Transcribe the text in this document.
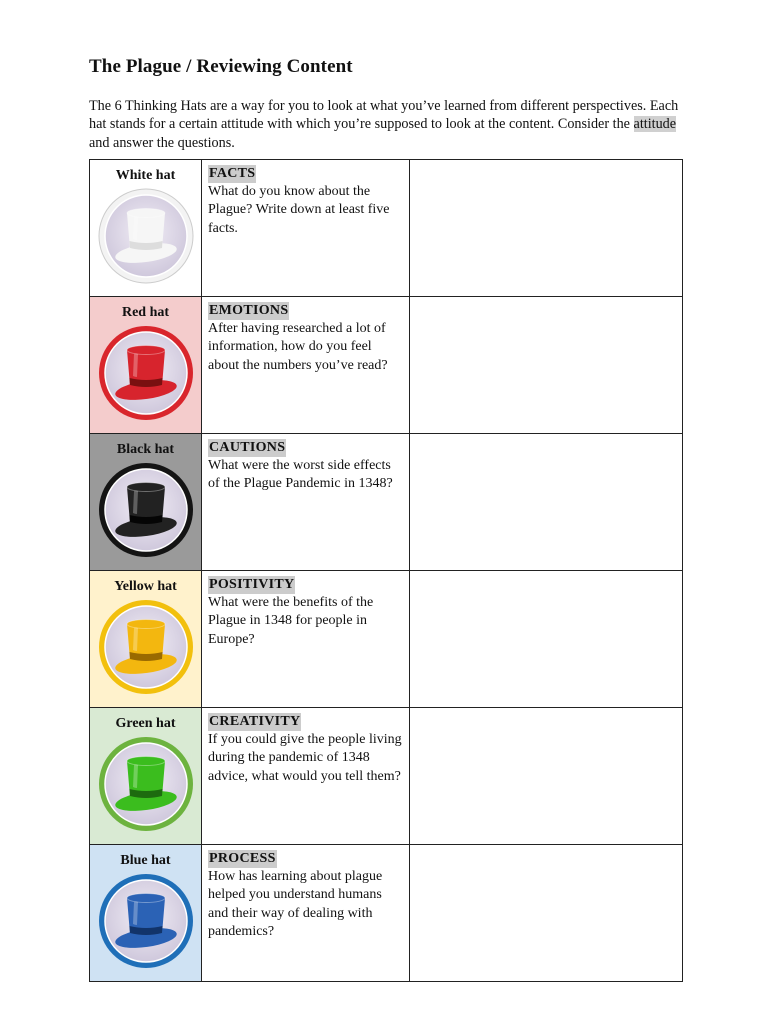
The Plague / Reviewing Content
The 6 Thinking Hats are a way for you to look at what you’ve learned from different perspectives. Each hat stands for a certain attitude with which you’re supposed to look at the content. Consider the attitude and answer the questions.
White hat	FACTS
What do you know about the Plague? Write down at least five facts.	

Red hat	EMOTIONS
After having researched a lot of information, how do you feel about the numbers you’ve read?	

Black hat	CAUTIONS
What were the worst side effects of the Plague Pandemic in 1348?	

Yellow hat	POSITIVITY
What were the benefits of the Plague in 1348 for people in Europe?	

Green hat	CREATIVITY
If you could give the people living during the pandemic of 1348 advice, what would you tell them?	

Blue hat	PROCESS
How has learning about plague helped you understand humans and their way of dealing with pandemics?	
